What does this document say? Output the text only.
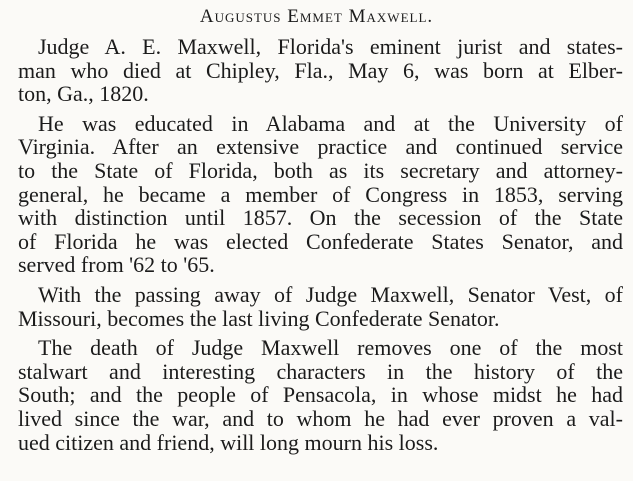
Augustus Emmet Maxwell.
Judge A. E. Maxwell, Florida's eminent jurist and states-
man who died at Chipley, Fla., May 6, was born at Elber-
ton, Ga., 1820.
He was educated in Alabama and at the University of
Virginia. After an extensive practice and continued service
to the State of Florida, both as its secretary and attorney-
general, he became a member of Congress in 1853, serving
with distinction until 1857. On the secession of the State
of Florida he was elected Confederate States Senator, and
served from '62 to '65.
With the passing away of Judge Maxwell, Senator Vest, of
Missouri, becomes the last living Confederate Senator.
The death of Judge Maxwell removes one of the most
stalwart and interesting characters in the history of the
South; and the people of Pensacola, in whose midst he had
lived since the war, and to whom he had ever proven a val-
ued citizen and friend, will long mourn his loss.
